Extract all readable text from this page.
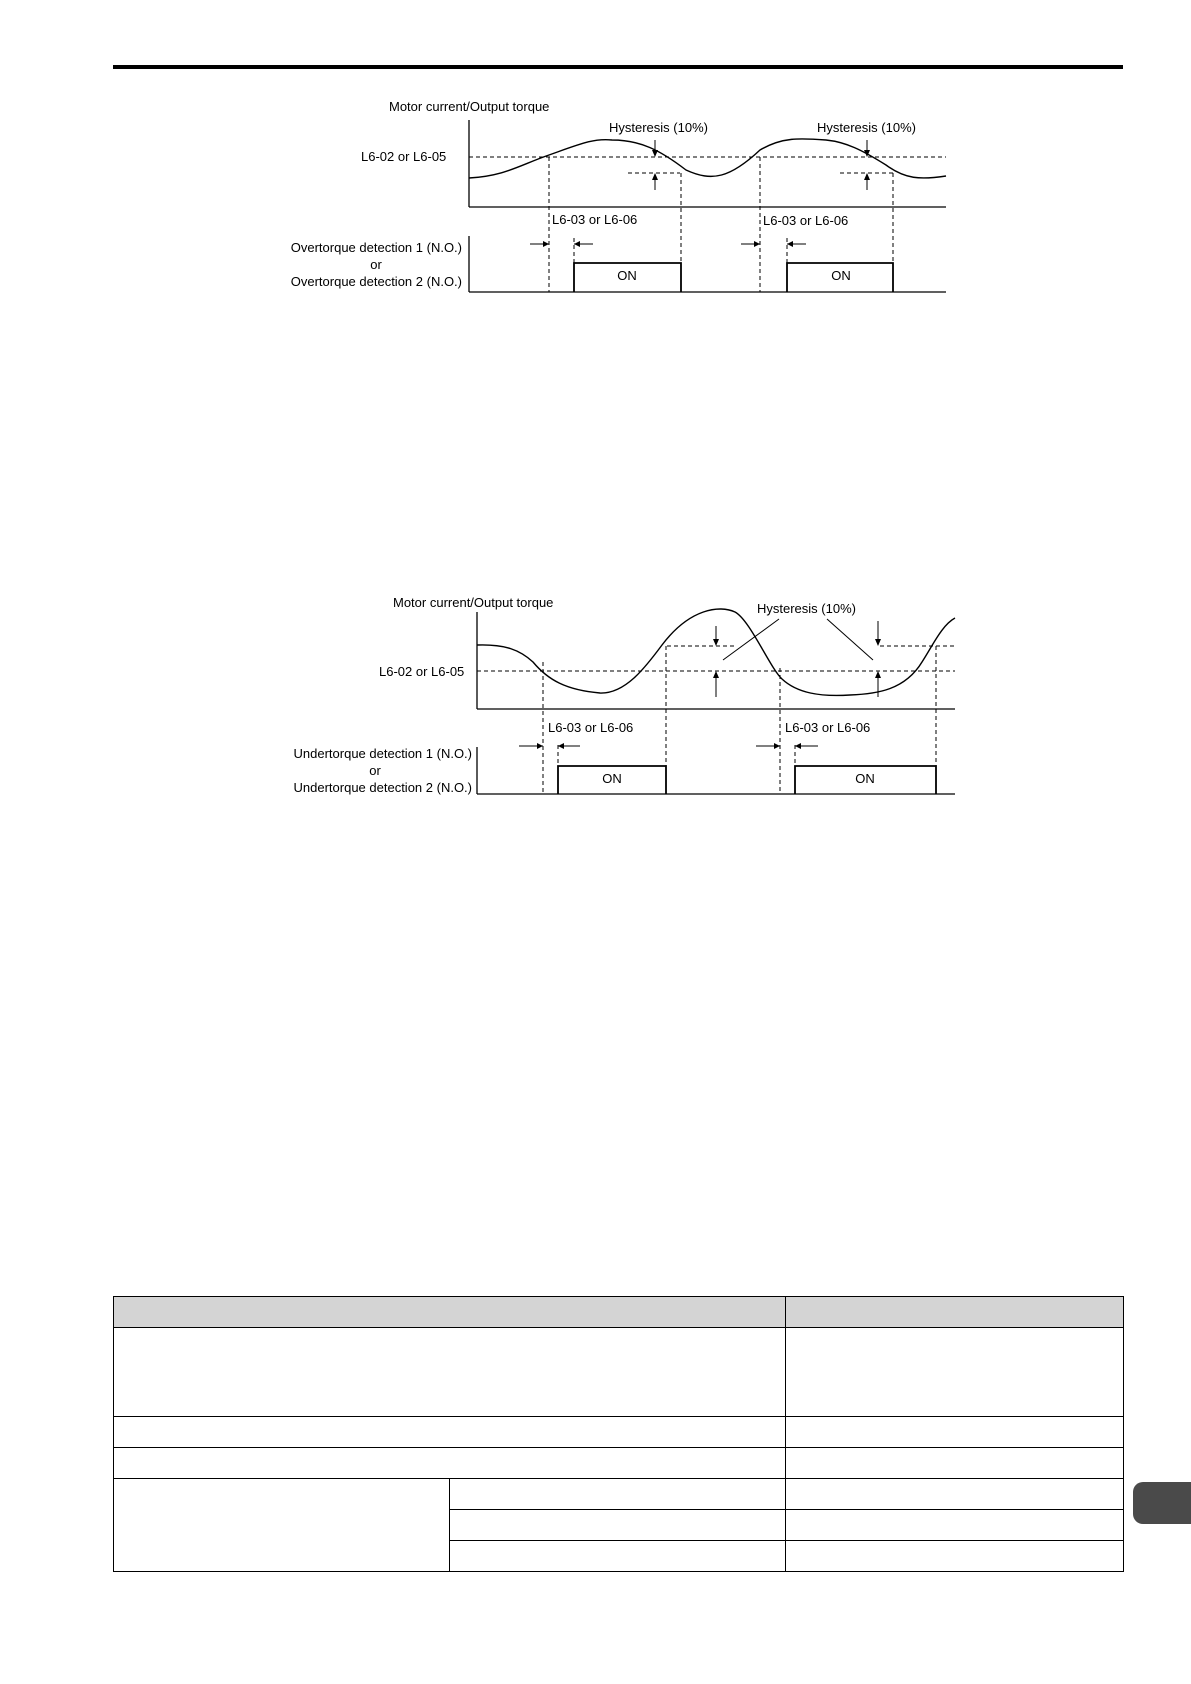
Motor current/Output torque
L6-02 or L6-05
Hysteresis (10%)	Hysteresis (10%)
L6-03 or L6-06	L6-03 or L6-06
Overtorque detection 1 (N.O.)
or
Overtorque detection 2 (N.O.)	ON	ON
Motor current/Output torque
L6-02 or L6-05
Hysteresis (10%)
L6-03 or L6-06	L6-03 or L6-06
Undertorque detection 1 (N.O.)
or
Undertorque detection 2 (N.O.)
ON	ON
